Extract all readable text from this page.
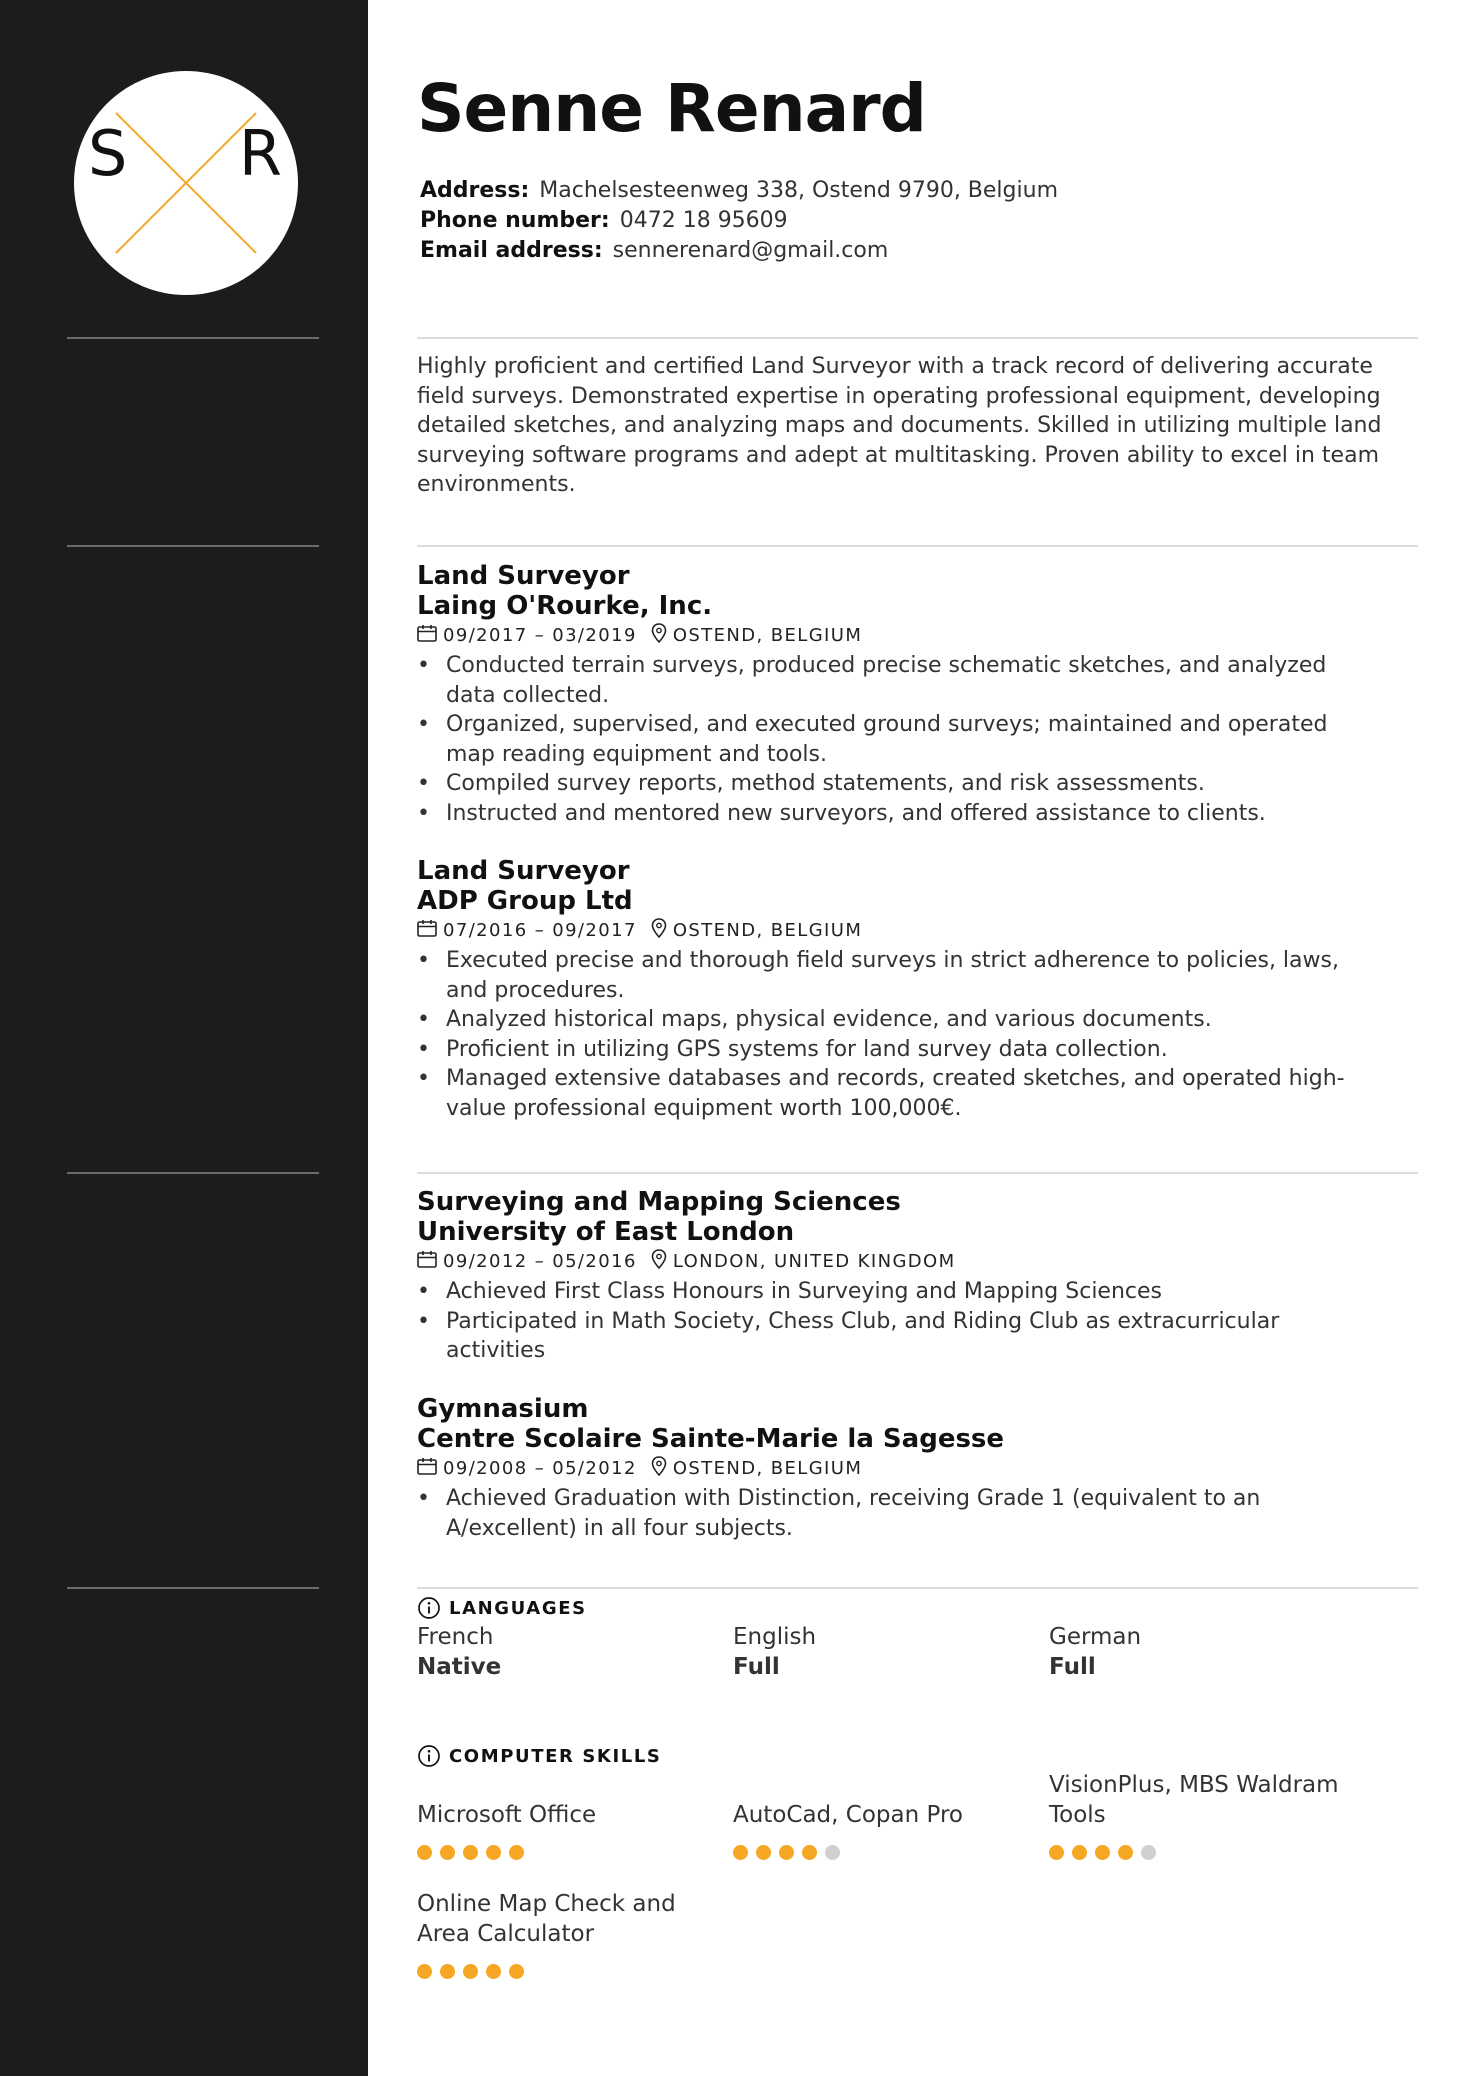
S R
Senne Renard
Address: Machelsesteenweg 338, Ostend 9790, Belgium
Phone number: 0472 18 95609
Email address: sennerenard@gmail.com
Highly proficient and certified Land Surveyor with a track record of delivering accurate field surveys. Demonstrated expertise in operating professional equipment, developing detailed sketches, and analyzing maps and documents. Skilled in utilizing multiple land surveying software programs and adept at multitasking. Proven ability to excel in team environments.
Land Surveyor
Laing O'Rourke, Inc.
09/2017 – 03/2019 OSTEND, BELGIUM
• Conducted terrain surveys, produced precise schematic sketches, and analyzed data collected.
• Organized, supervised, and executed ground surveys; maintained and operated map reading equipment and tools.
• Compiled survey reports, method statements, and risk assessments.
• Instructed and mentored new surveyors, and offered assistance to clients.
Land Surveyor
ADP Group Ltd
07/2016 – 09/2017 OSTEND, BELGIUM
• Executed precise and thorough field surveys in strict adherence to policies, laws, and procedures.
• Analyzed historical maps, physical evidence, and various documents.
• Proficient in utilizing GPS systems for land survey data collection.
• Managed extensive databases and records, created sketches, and operated high-value professional equipment worth 100,000€.
Surveying and Mapping Sciences
University of East London
09/2012 – 05/2016 LONDON, UNITED KINGDOM
• Achieved First Class Honours in Surveying and Mapping Sciences
• Participated in Math Society, Chess Club, and Riding Club as extracurricular activities
Gymnasium
Centre Scolaire Sainte-Marie la Sagesse
09/2008 – 05/2012 OSTEND, BELGIUM
• Achieved Graduation with Distinction, receiving Grade 1 (equivalent to an A/excellent) in all four subjects.
LANGUAGES
French
Native
English
Full
German
Full
COMPUTER SKILLS
Microsoft Office	AutoCad, Copan Pro
VisionPlus, MBS Waldram Tools
Online Map Check and Area Calculator
